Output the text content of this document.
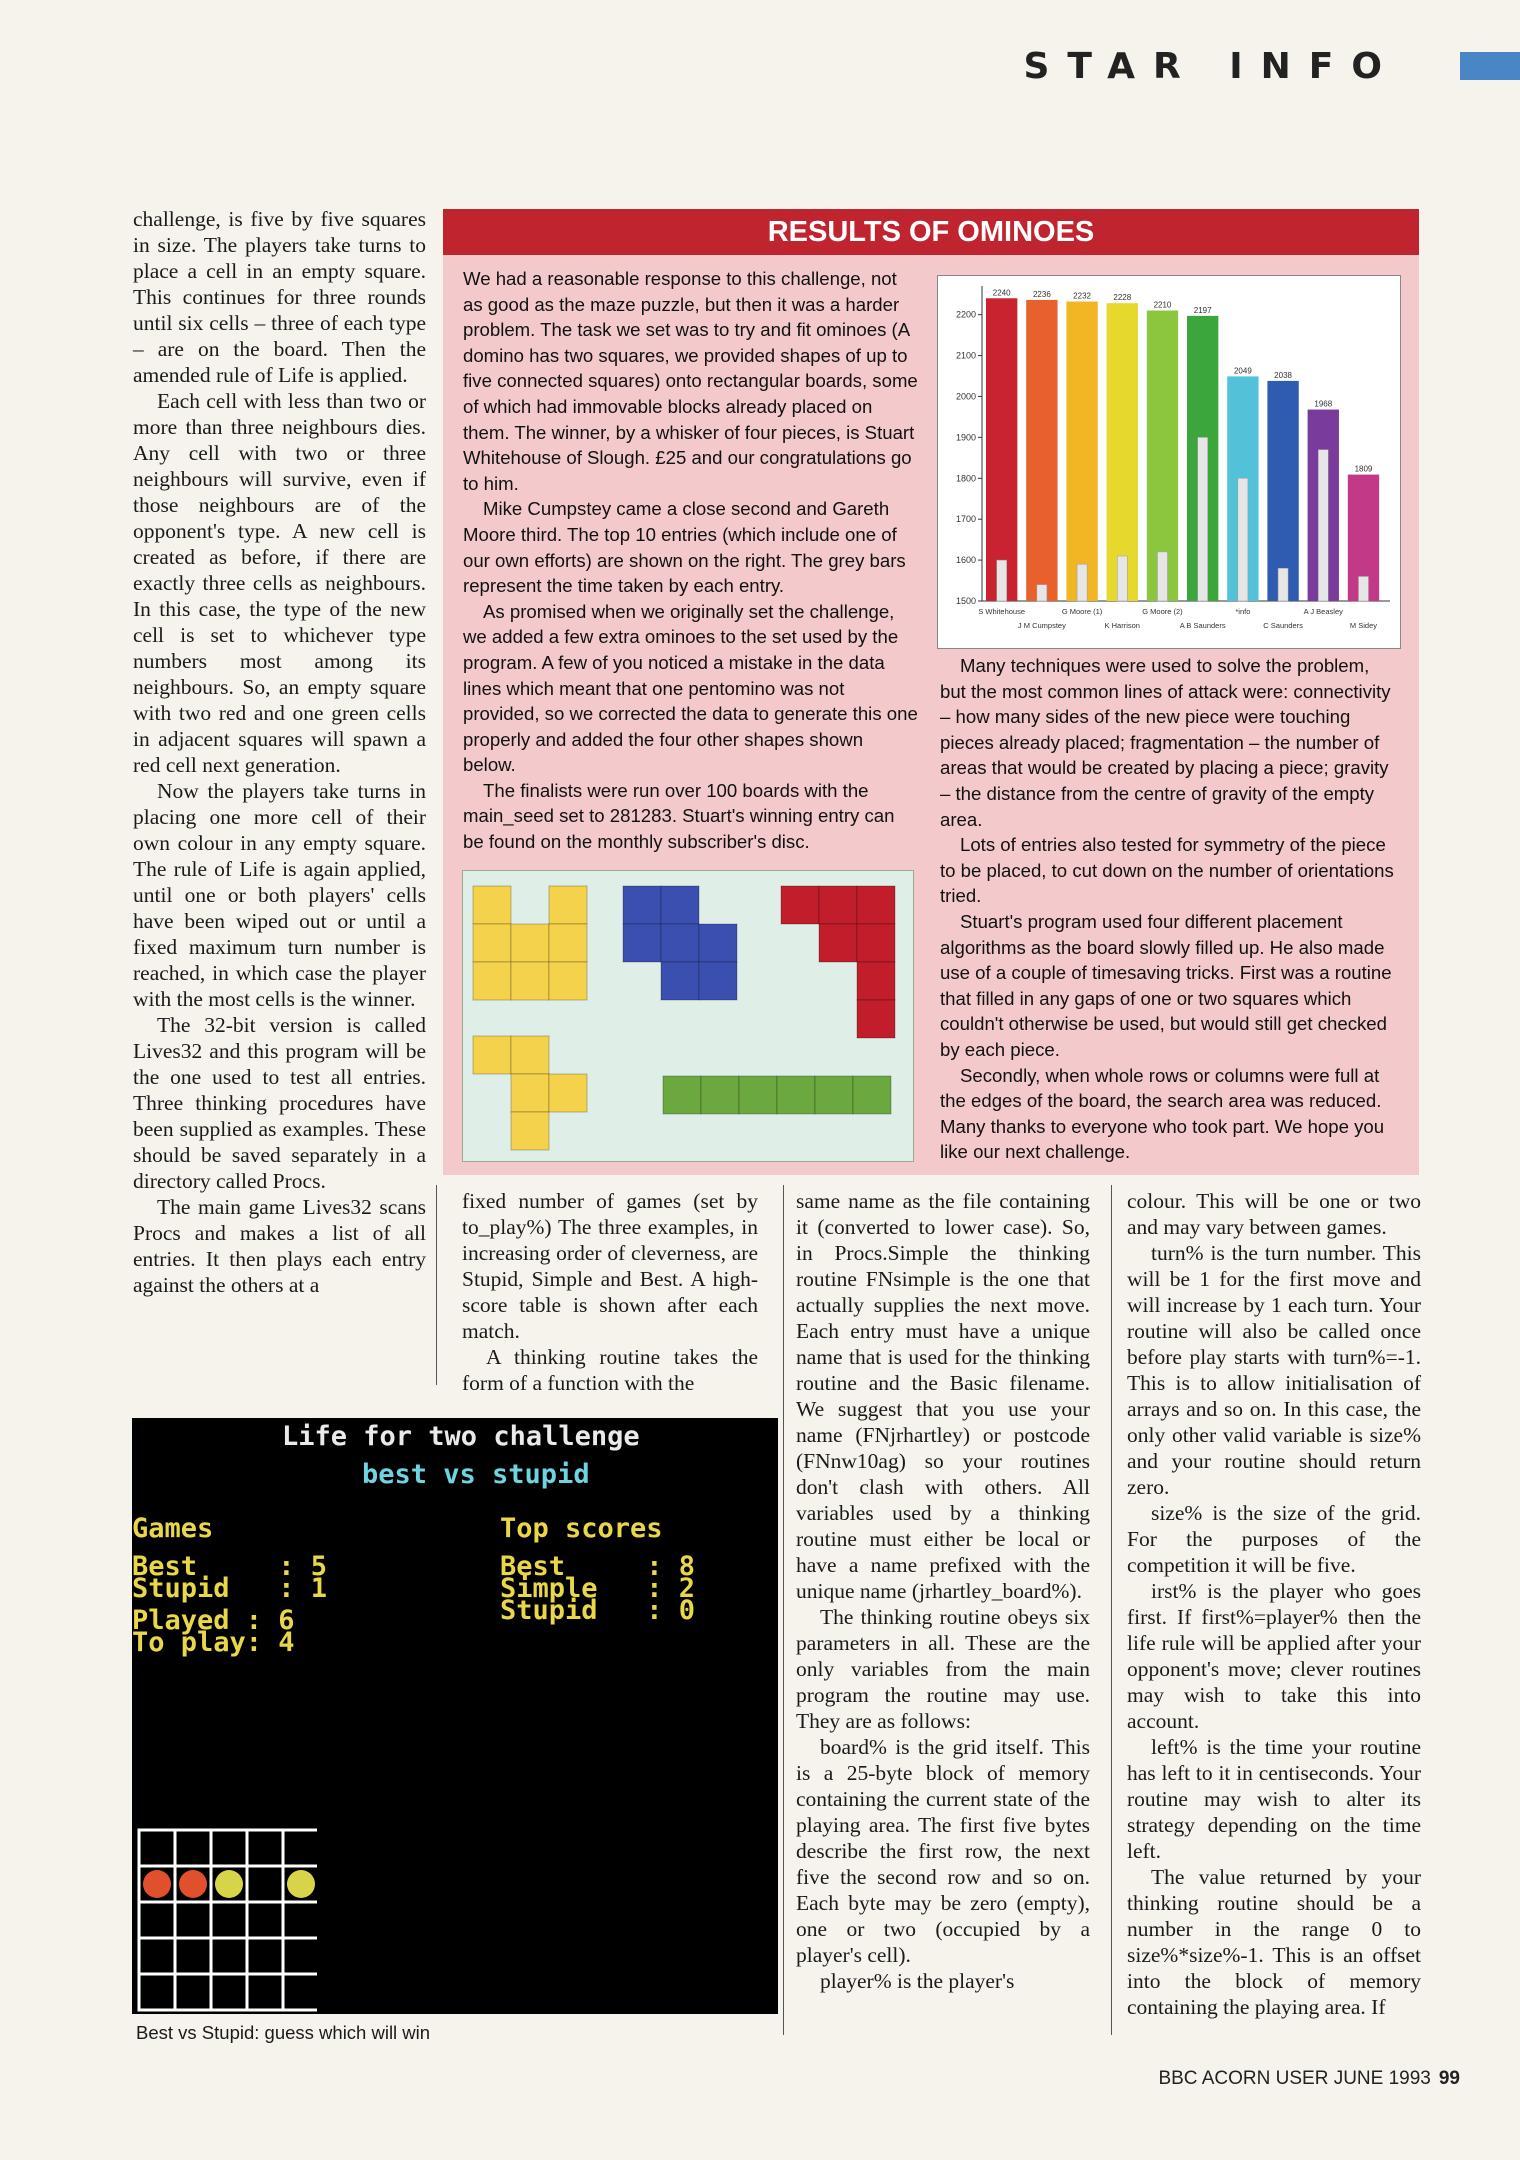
STAR INFO

challenge, is five by five squares in size. The players take turns to place a cell in an empty square. This continues for three rounds until six cells – three of each type – are on the board. Then the amended rule of Life is applied.

Each cell with less than two or more than three neighbours dies. Any cell with two or three neighbours will survive, even if those neighbours are of the opponent's type. A new cell is created as before, if there are exactly three cells as neighbours. In this case, the type of the new cell is set to whichever type numbers most among its neighbours. So, an empty square with two red and one green cells in adjacent squares will spawn a red cell next generation.

Now the players take turns in placing one more cell of their own colour in any empty square. The rule of Life is again applied, until one or both players' cells have been wiped out or until a fixed maximum turn number is reached, in which case the player with the most cells is the winner.

The 32-bit version is called Lives32 and this program will be the one used to test all entries. Three thinking procedures have been supplied as examples. These should be saved separately in a directory called Procs.

The main game Lives32 scans Procs and makes a list of all entries. It then plays each entry against the others at a

RESULTS OF OMINOES

We had a reasonable response to this challenge, not as good as the maze puzzle, but then it was a harder problem. The task we set was to try and fit ominoes (A domino has two squares, we provided shapes of up to five connected squares) onto rectangular boards, some of which had immovable blocks already placed on them. The winner, by a whisker of four pieces, is Stuart Whitehouse of Slough. £25 and our congratulations go to him.

Mike Cumpstey came a close second and Gareth Moore third. The top 10 entries (which include one of our own efforts) are shown on the right. The grey bars represent the time taken by each entry.

As promised when we originally set the challenge, we added a few extra ominoes to the set used by the program. A few of you noticed a mistake in the data lines which meant that one pentomino was not provided, so we corrected the data to generate this one properly and added the four other shapes shown below.

The finalists were run over 100 boards with the main_seed set to 281283. Stuart's winning entry can be found on the monthly subscriber's disc.

Many techniques were used to solve the problem, but the most common lines of attack were: connectivity – how many sides of the new piece were touching pieces already placed; fragmentation – the number of areas that would be created by placing a piece; gravity – the distance from the centre of gravity of the empty area.

Lots of entries also tested for symmetry of the piece to be placed, to cut down on the number of orientations tried.

Stuart's program used four different placement algorithms as the board slowly filled up. He also made use of a couple of timesaving tricks. First was a routine that filled in any gaps of one or two squares which couldn't otherwise be used, but would still get checked by each piece.

Secondly, when whole rows or columns were full at the edges of the board, the search area was reduced. Many thanks to everyone who took part. We hope you like our next challenge.

1500
1600
1700
1800
1900
2000
2100
2200
2240
S Whitehouse
2236
J M Cumpstey
2232
G Moore (1)
2228
K Harrison
2210
G Moore (2)
2197
A B Saunders
2049
*info
2038
C Saunders
1968
A J Beasley
1809
M Sidey

fixed number of games (set by to_play%) The three examples, in increasing order of cleverness, are Stupid, Simple and Best. A high-score table is shown after each match.

A thinking routine takes the form of a function with the

same name as the file containing it (converted to lower case). So, in Procs.Simple the thinking routine FNsimple is the one that actually supplies the next move. Each entry must have a unique name that is used for the thinking routine and the Basic filename. We suggest that you use your name (FNjrhartley) or postcode (FNnw10ag) so your routines don't clash with others. All variables used by a thinking routine must either be local or have a name prefixed with the unique name (jrhartley_board%).

The thinking routine obeys six parameters in all. These are the only variables from the main program the routine may use. They are as follows:

board% is the grid itself. This is a 25-byte block of memory containing the current state of the playing area. The first five bytes describe the first row, the next five the second row and so on. Each byte may be zero (empty), one or two (occupied by a player's cell).

player% is the player's

colour. This will be one or two and may vary between games.

turn% is the turn number. This will be 1 for the first move and will increase by 1 each turn. Your routine will also be called once before play starts with turn%=-1. This is to allow initialisation of arrays and so on. In this case, the only other valid variable is size% and your routine should return zero.

size% is the size of the grid. For the purposes of the competition it will be five.

irst% is the player who goes first. If first%=player% then the life rule will be applied after your opponent's move; clever routines may wish to take this into account.

left% is the time your routine has left to it in centiseconds. Your routine may wish to alter its strategy depending on the time left.

The value returned by your thinking routine should be a number in the range 0 to size%*size%-1. This is an offset into the block of memory containing the playing area. If

Life for two challenge
best vs stupid
Games
Best     : 5
Stupid   : 1
Played : 6
To play: 4
Top scores
Best     : 8
Simple   : 2
Stupid   : 0
Best vs Stupid: guess which will win
BBC ACORN USER JUNE 1993 99
